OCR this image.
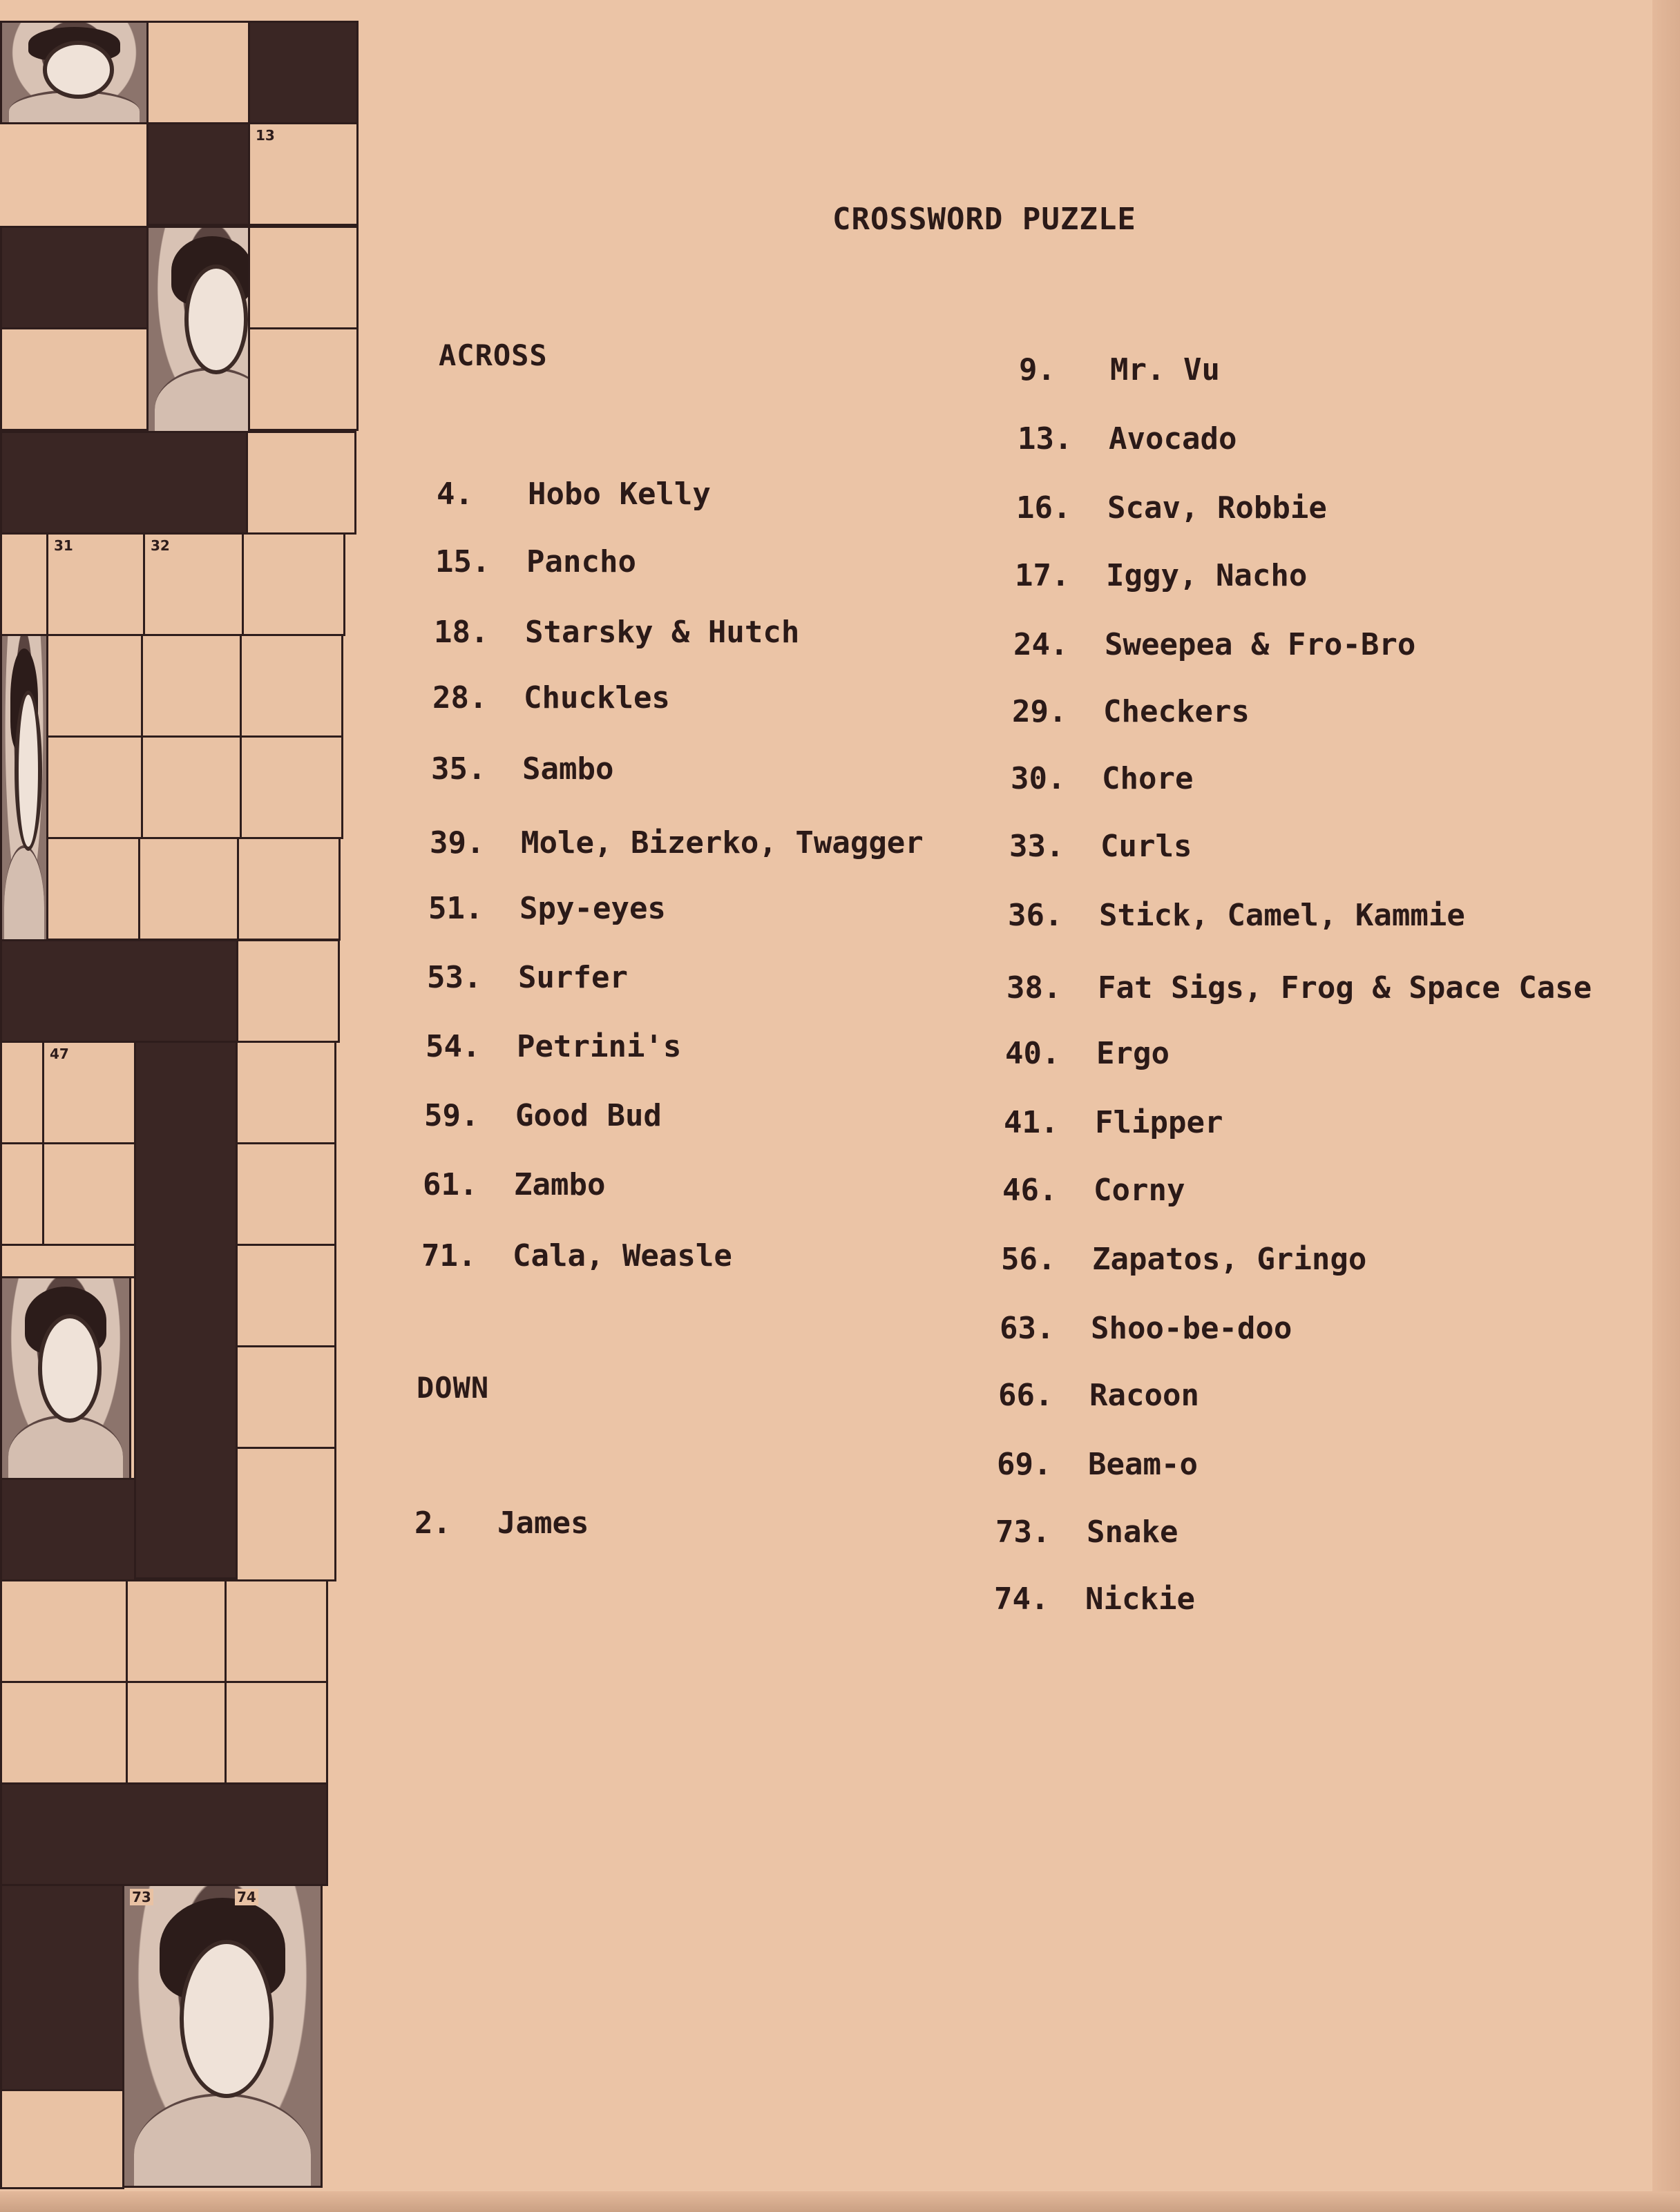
13
31	32
47
73	74
CROSSWORD PUZZLE
ACROSS
4. Hobo Kelly
15. Pancho
18. Starsky & Hutch
28. Chuckles
35. Sambo
39. Mole, Bizerko, Twagger
51. Spy-eyes
53. Surfer
54. Petrini's
59. Good Bud
61. Zambo
71. Cala, Weasle
DOWN
2. James
9. Mr. Vu
13. Avocado
16. Scav, Robbie
17. Iggy, Nacho
24. Sweepea & Fro-Bro
29. Checkers
30. Chore
33. Curls
36. Stick, Camel, Kammie
38. Fat Sigs, Frog & Space Case
40. Ergo
41. Flipper
46. Corny
56. Zapatos, Gringo
63. Shoo-be-doo
66. Racoon
69. Beam-o
73. Snake
74. Nickie
